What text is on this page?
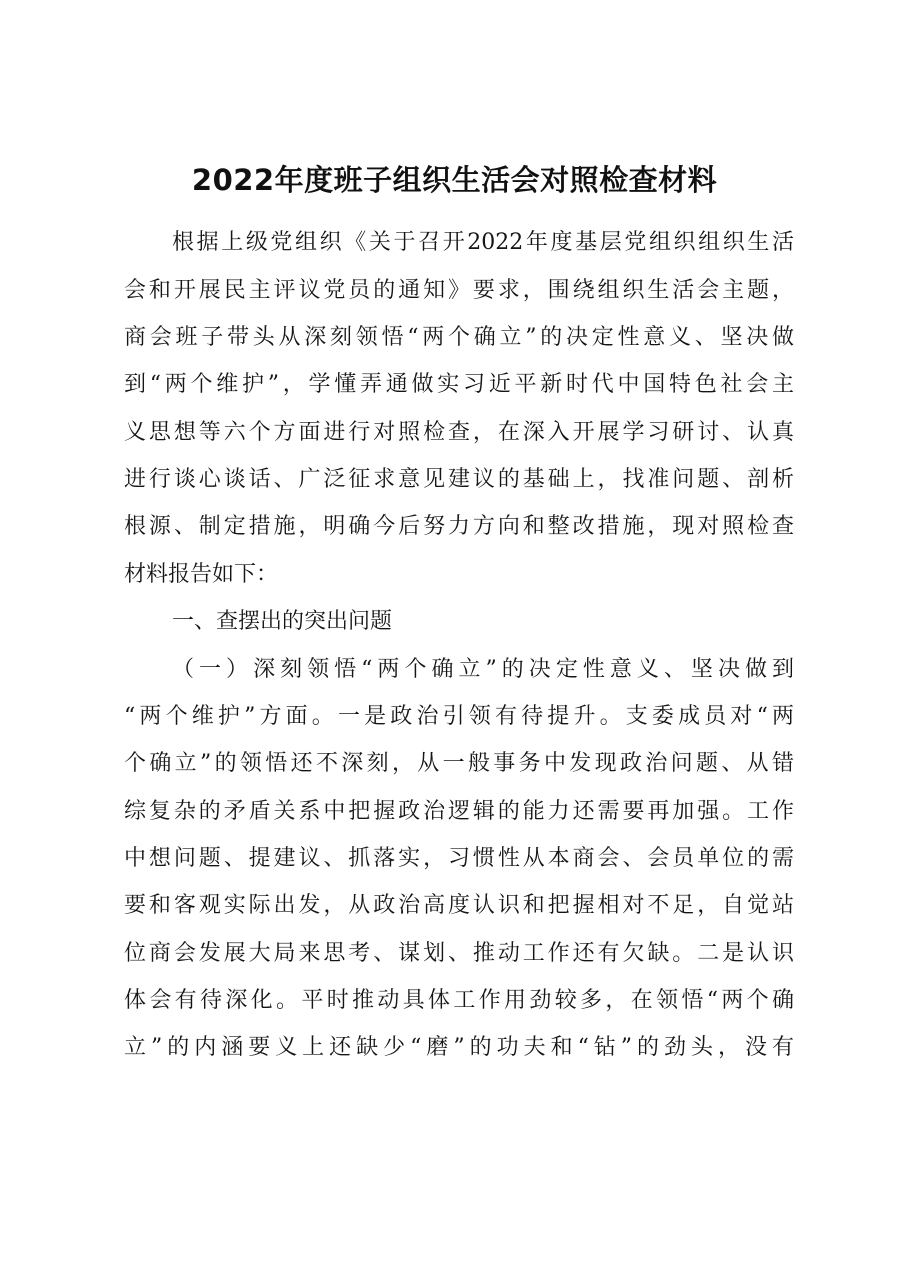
2022年度班子组织生活会对照检查材料
根据上级党组织《关于召开2022年度基层党组织组织生活
会和开展民主评议党员的通知》要求，围绕组织生活会主题，
商会班子带头从深刻领悟“两个确立”的决定性意义、坚决做
到“两个维护”，学懂弄通做实习近平新时代中国特色社会主
义思想等六个方面进行对照检查，在深入开展学习研讨、认真
进行谈心谈话、广泛征求意见建议的基础上，找准问题、剖析
根源、制定措施，明确今后努力方向和整改措施，现对照检查
材料报告如下：
一、查摆出的突出问题
（一）深刻领悟“两个确立”的决定性意义、坚决做到
“两个维护”方面。一是政治引领有待提升。支委成员对“两
个确立”的领悟还不深刻，从一般事务中发现政治问题、从错
综复杂的矛盾关系中把握政治逻辑的能力还需要再加强。工作
中想问题、提建议、抓落实，习惯性从本商会、会员单位的需
要和客观实际出发，从政治高度认识和把握相对不足，自觉站
位商会发展大局来思考、谋划、推动工作还有欠缺。二是认识
体会有待深化。平时推动具体工作用劲较多，在领悟“两个确
立”的内涵要义上还缺少“磨”的功夫和“钻”的劲头，没有
